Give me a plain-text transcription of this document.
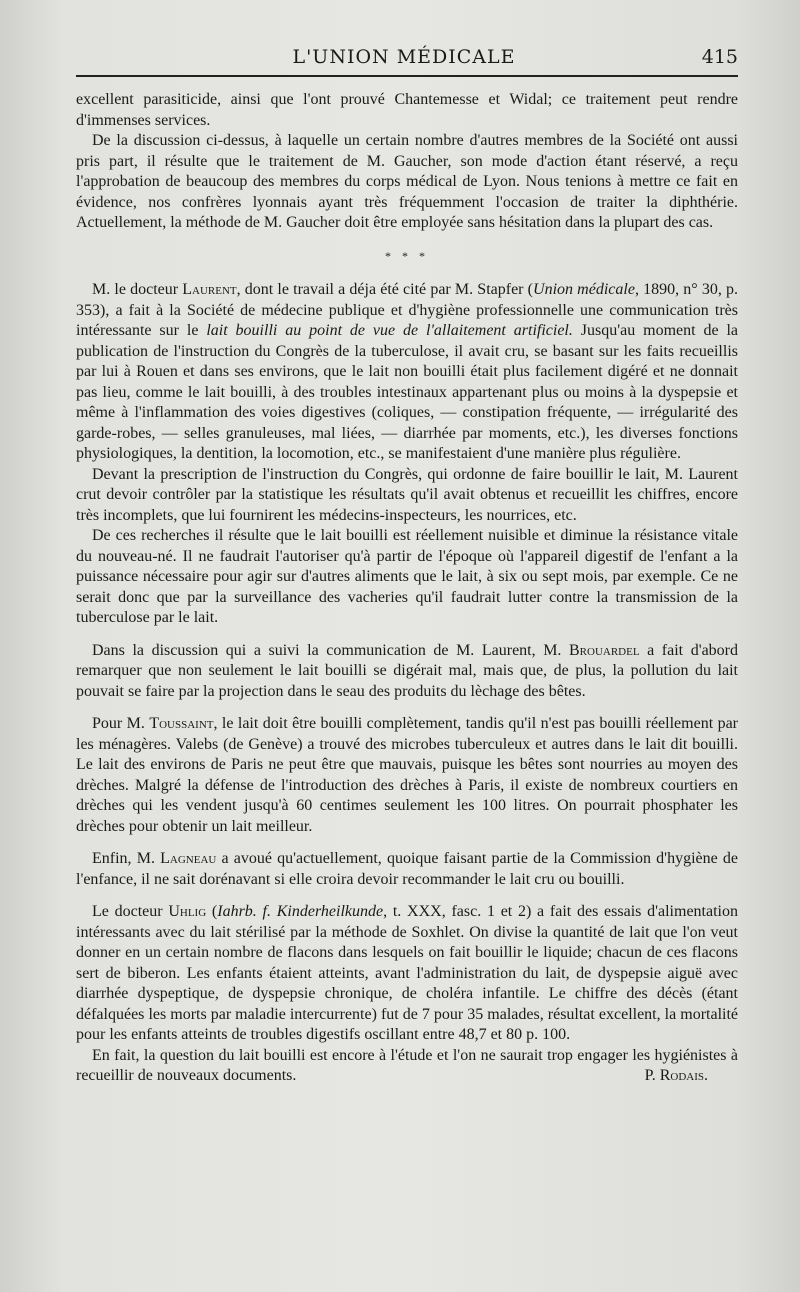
L'UNION MÉDICALE	415

excellent parasiticide, ainsi que l'ont prouvé Chantemesse et Widal; ce traitement peut rendre d'immenses services.

De la discussion ci-dessus, à laquelle un certain nombre d'autres membres de la Société ont aussi pris part, il résulte que le traitement de M. Gaucher, son mode d'action étant réservé, a reçu l'approbation de beaucoup des membres du corps médical de Lyon. Nous tenions à mettre ce fait en évidence, nos confrères lyonnais ayant très fréquemment l'occasion de traiter la diphthérie. Actuellement, la méthode de M. Gaucher doit être employée sans hésitation dans la plupart des cas.

* * *

M. le docteur Laurent, dont le travail a déja été cité par M. Stapfer (Union médicale, 1890, n° 30, p. 353), a fait à la Société de médecine publique et d'hygiène professionnelle une communication très intéressante sur le lait bouilli au point de vue de l'allaitement artificiel. Jusqu'au moment de la publication de l'instruction du Congrès de la tuberculose, il avait cru, se basant sur les faits recueillis par lui à Rouen et dans ses environs, que le lait non bouilli était plus facilement digéré et ne donnait pas lieu, comme le lait bouilli, à des troubles intestinaux appartenant plus ou moins à la dyspepsie et même à l'inflammation des voies digestives (coliques, — constipation fréquente, — irrégularité des garde-robes, — selles granuleuses, mal liées, — diarrhée par moments, etc.), les diverses fonctions physiologiques, la dentition, la locomotion, etc., se manifestaient d'une manière plus régulière.

Devant la prescription de l'instruction du Congrès, qui ordonne de faire bouillir le lait, M. Laurent crut devoir contrôler par la statistique les résultats qu'il avait obtenus et recueillit les chiffres, encore très incomplets, que lui fournirent les médecins-inspecteurs, les nourrices, etc.

De ces recherches il résulte que le lait bouilli est réellement nuisible et diminue la résistance vitale du nouveau-né. Il ne faudrait l'autoriser qu'à partir de l'époque où l'appareil digestif de l'enfant a la puissance nécessaire pour agir sur d'autres aliments que le lait, à six ou sept mois, par exemple. Ce ne serait donc que par la surveillance des vacheries qu'il faudrait lutter contre la transmission de la tuberculose par le lait.

Dans la discussion qui a suivi la communication de M. Laurent, M. Brouardel a fait d'abord remarquer que non seulement le lait bouilli se digérait mal, mais que, de plus, la pollution du lait pouvait se faire par la projection dans le seau des produits du lèchage des bêtes.

Pour M. Toussaint, le lait doit être bouilli complètement, tandis qu'il n'est pas bouilli réellement par les ménagères. Valebs (de Genève) a trouvé des microbes tuberculeux et autres dans le lait dit bouilli. Le lait des environs de Paris ne peut être que mauvais, puisque les bêtes sont nourries au moyen des drèches. Malgré la défense de l'introduction des drèches à Paris, il existe de nombreux courtiers en drèches qui les vendent jusqu'à 60 centimes seulement les 100 litres. On pourrait phosphater les drèches pour obtenir un lait meilleur.

Enfin, M. Lagneau a avoué qu'actuellement, quoique faisant partie de la Commission d'hygiène de l'enfance, il ne sait dorénavant si elle croira devoir recommander le lait cru ou bouilli.

Le docteur Uhlig (Iahrb. f. Kinderheilkunde, t. XXX, fasc. 1 et 2) a fait des essais d'alimentation intéressants avec du lait stérilisé par la méthode de Soxhlet. On divise la quantité de lait que l'on veut donner en un certain nombre de flacons dans lesquels on fait bouillir le liquide; chacun de ces flacons sert de biberon. Les enfants étaient atteints, avant l'administration du lait, de dyspepsie aiguë avec diarrhée dyspeptique, de dyspepsie chronique, de choléra infantile. Le chiffre des décès (étant défalquées les morts par maladie intercurrente) fut de 7 pour 35 malades, résultat excellent, la mortalité pour les enfants atteints de troubles digestifs oscillant entre 48,7 et 80 p. 100.

En fait, la question du lait bouilli est encore à l'étude et l'on ne saurait trop engager les hygiénistes à recueillir de nouveaux documents.	P. Rodais.
